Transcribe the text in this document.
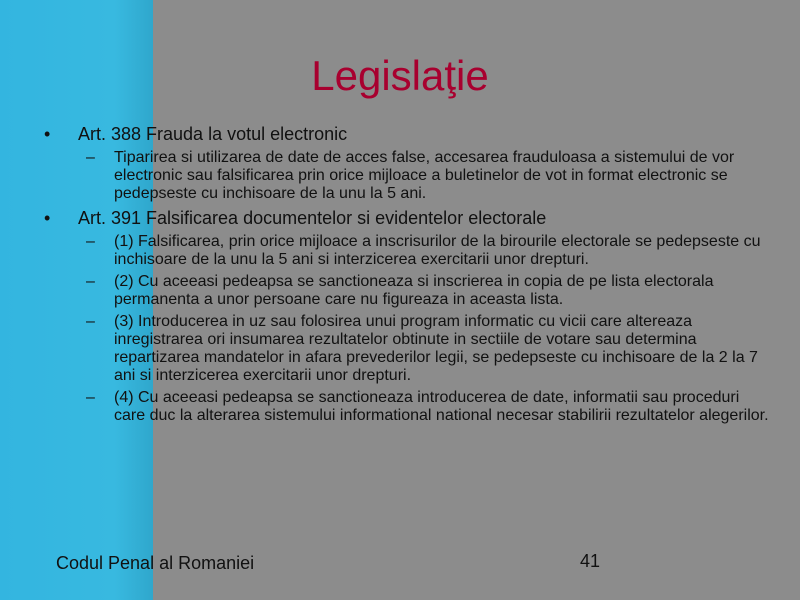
Legislaţie
• Art. 388 Frauda la votul electronic
– Tiparirea si utilizarea de date de acces false, accesarea frauduloasa a sistemului de vor electronic sau falsificarea prin orice mijloace a buletinelor de vot in format electronic se pedepseste cu inchisoare de la unu la 5 ani.
• Art. 391 Falsificarea documentelor si evidentelor electorale
– (1) Falsificarea, prin orice mijloace a inscrisurilor de la birourile electorale se pedepseste cu inchisoare de la unu la 5 ani si interzicerea exercitarii unor drepturi.
– (2) Cu aceeasi pedeapsa se sanctioneaza si inscrierea in copia de pe lista electorala permanenta a unor persoane care nu figureaza in aceasta lista.
– (3) Introducerea in uz sau folosirea unui program informatic cu vicii care altereaza inregistrarea ori insumarea rezultatelor obtinute in sectiile de votare sau determina repartizarea mandatelor in afara prevederilor legii, se pedepseste cu inchisoare de la 2 la 7 ani si interzicerea exercitarii unor drepturi.
– (4) Cu aceeasi pedeapsa se sanctioneaza introducerea de date, informatii sau proceduri care duc la alterarea sistemului informational national necesar stabilirii rezultatelor alegerilor.
Codul Penal al Romaniei	41
